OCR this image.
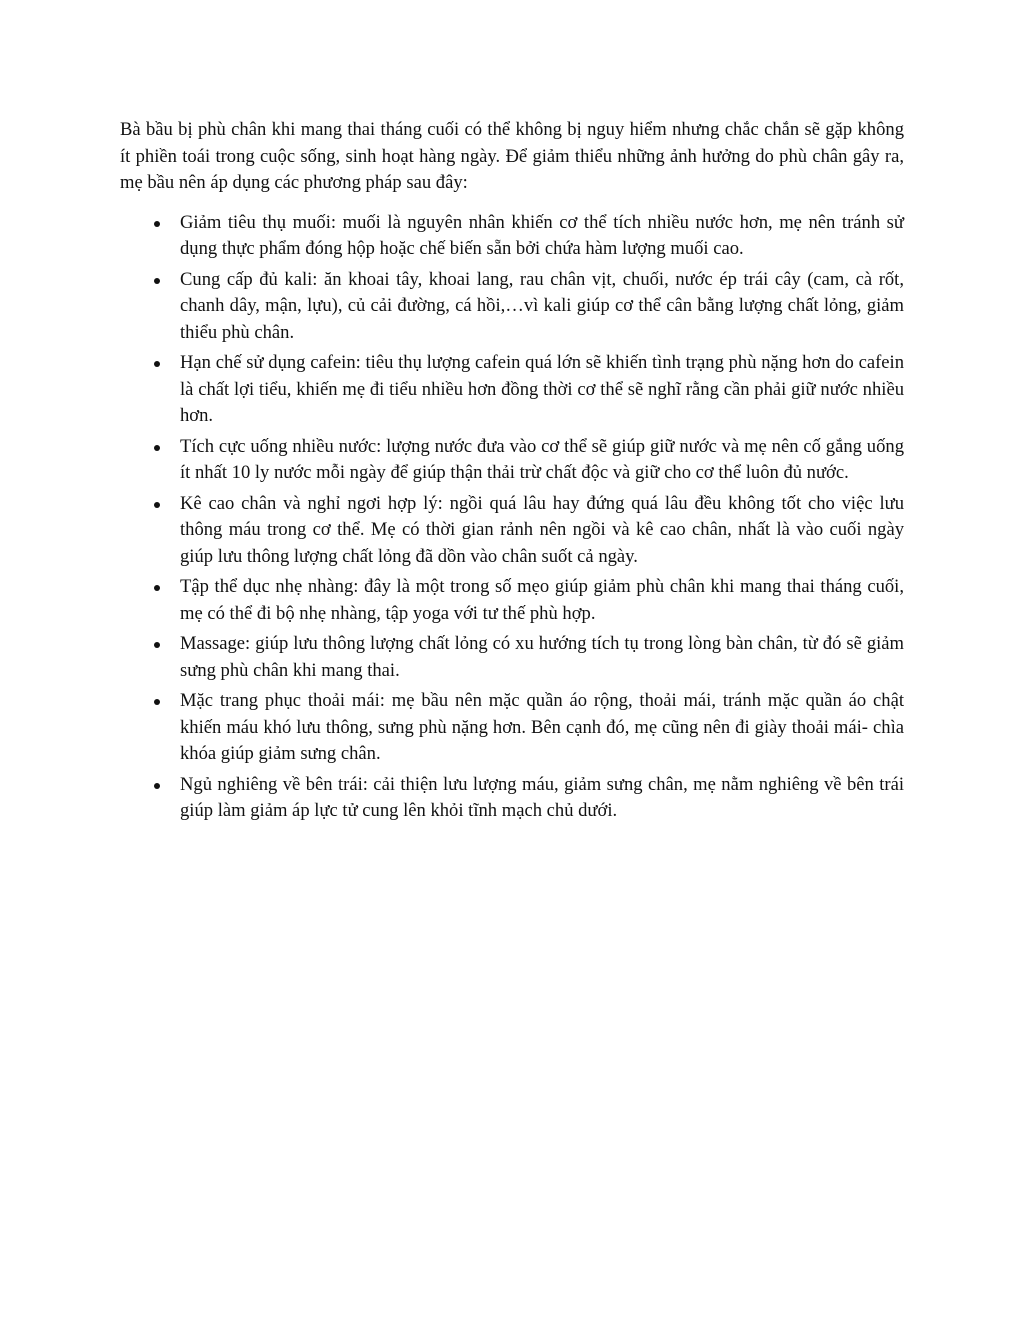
Bà bầu bị phù chân khi mang thai tháng cuối có thể không bị nguy hiểm nhưng chắc chắn sẽ gặp không ít phiền toái trong cuộc sống, sinh hoạt hàng ngày. Để giảm thiểu những ảnh hưởng do phù chân gây ra, mẹ bầu nên áp dụng các phương pháp sau đây:

Giảm tiêu thụ muối: muối là nguyên nhân khiến cơ thể tích nhiều nước hơn, mẹ nên tránh sử dụng thực phẩm đóng hộp hoặc chế biến sẵn bởi chứa hàm lượng muối cao.
Cung cấp đủ kali: ăn khoai tây, khoai lang, rau chân vịt, chuối, nước ép trái cây (cam, cà rốt, chanh dây, mận, lựu), củ cải đường, cá hồi,…vì kali giúp cơ thể cân bằng lượng chất lỏng, giảm thiểu phù chân.
Hạn chế sử dụng cafein: tiêu thụ lượng cafein quá lớn sẽ khiến tình trạng phù nặng hơn do cafein là chất lợi tiểu, khiến mẹ đi tiểu nhiều hơn đồng thời cơ thể sẽ nghĩ rằng cần phải giữ nước nhiều hơn.
Tích cực uống nhiều nước: lượng nước đưa vào cơ thể sẽ giúp giữ nước và mẹ nên cố gắng uống ít nhất 10 ly nước mỗi ngày để giúp thận thải trừ chất độc và giữ cho cơ thể luôn đủ nước.
Kê cao chân và nghỉ ngơi hợp lý: ngồi quá lâu hay đứng quá lâu đều không tốt cho việc lưu thông máu trong cơ thể. Mẹ có thời gian rảnh nên ngồi và kê cao chân, nhất là vào cuối ngày giúp lưu thông lượng chất lỏng đã dồn vào chân suốt cả ngày.
Tập thể dục nhẹ nhàng: đây là một trong số mẹo giúp giảm phù chân khi mang thai tháng cuối, mẹ có thể đi bộ nhẹ nhàng, tập yoga với tư thế phù hợp.
Massage: giúp lưu thông lượng chất lỏng có xu hướng tích tụ trong lòng bàn chân, từ đó sẽ giảm sưng phù chân khi mang thai.
Mặc trang phục thoải mái: mẹ bầu nên mặc quần áo rộng, thoải mái, tránh mặc quần áo chật khiến máu khó lưu thông, sưng phù nặng hơn. Bên cạnh đó, mẹ cũng nên đi giày thoải mái- chìa khóa giúp giảm sưng chân.
Ngủ nghiêng về bên trái: cải thiện lưu lượng máu, giảm sưng chân, mẹ nằm nghiêng về bên trái giúp làm giảm áp lực tử cung lên khỏi tĩnh mạch chủ dưới.
